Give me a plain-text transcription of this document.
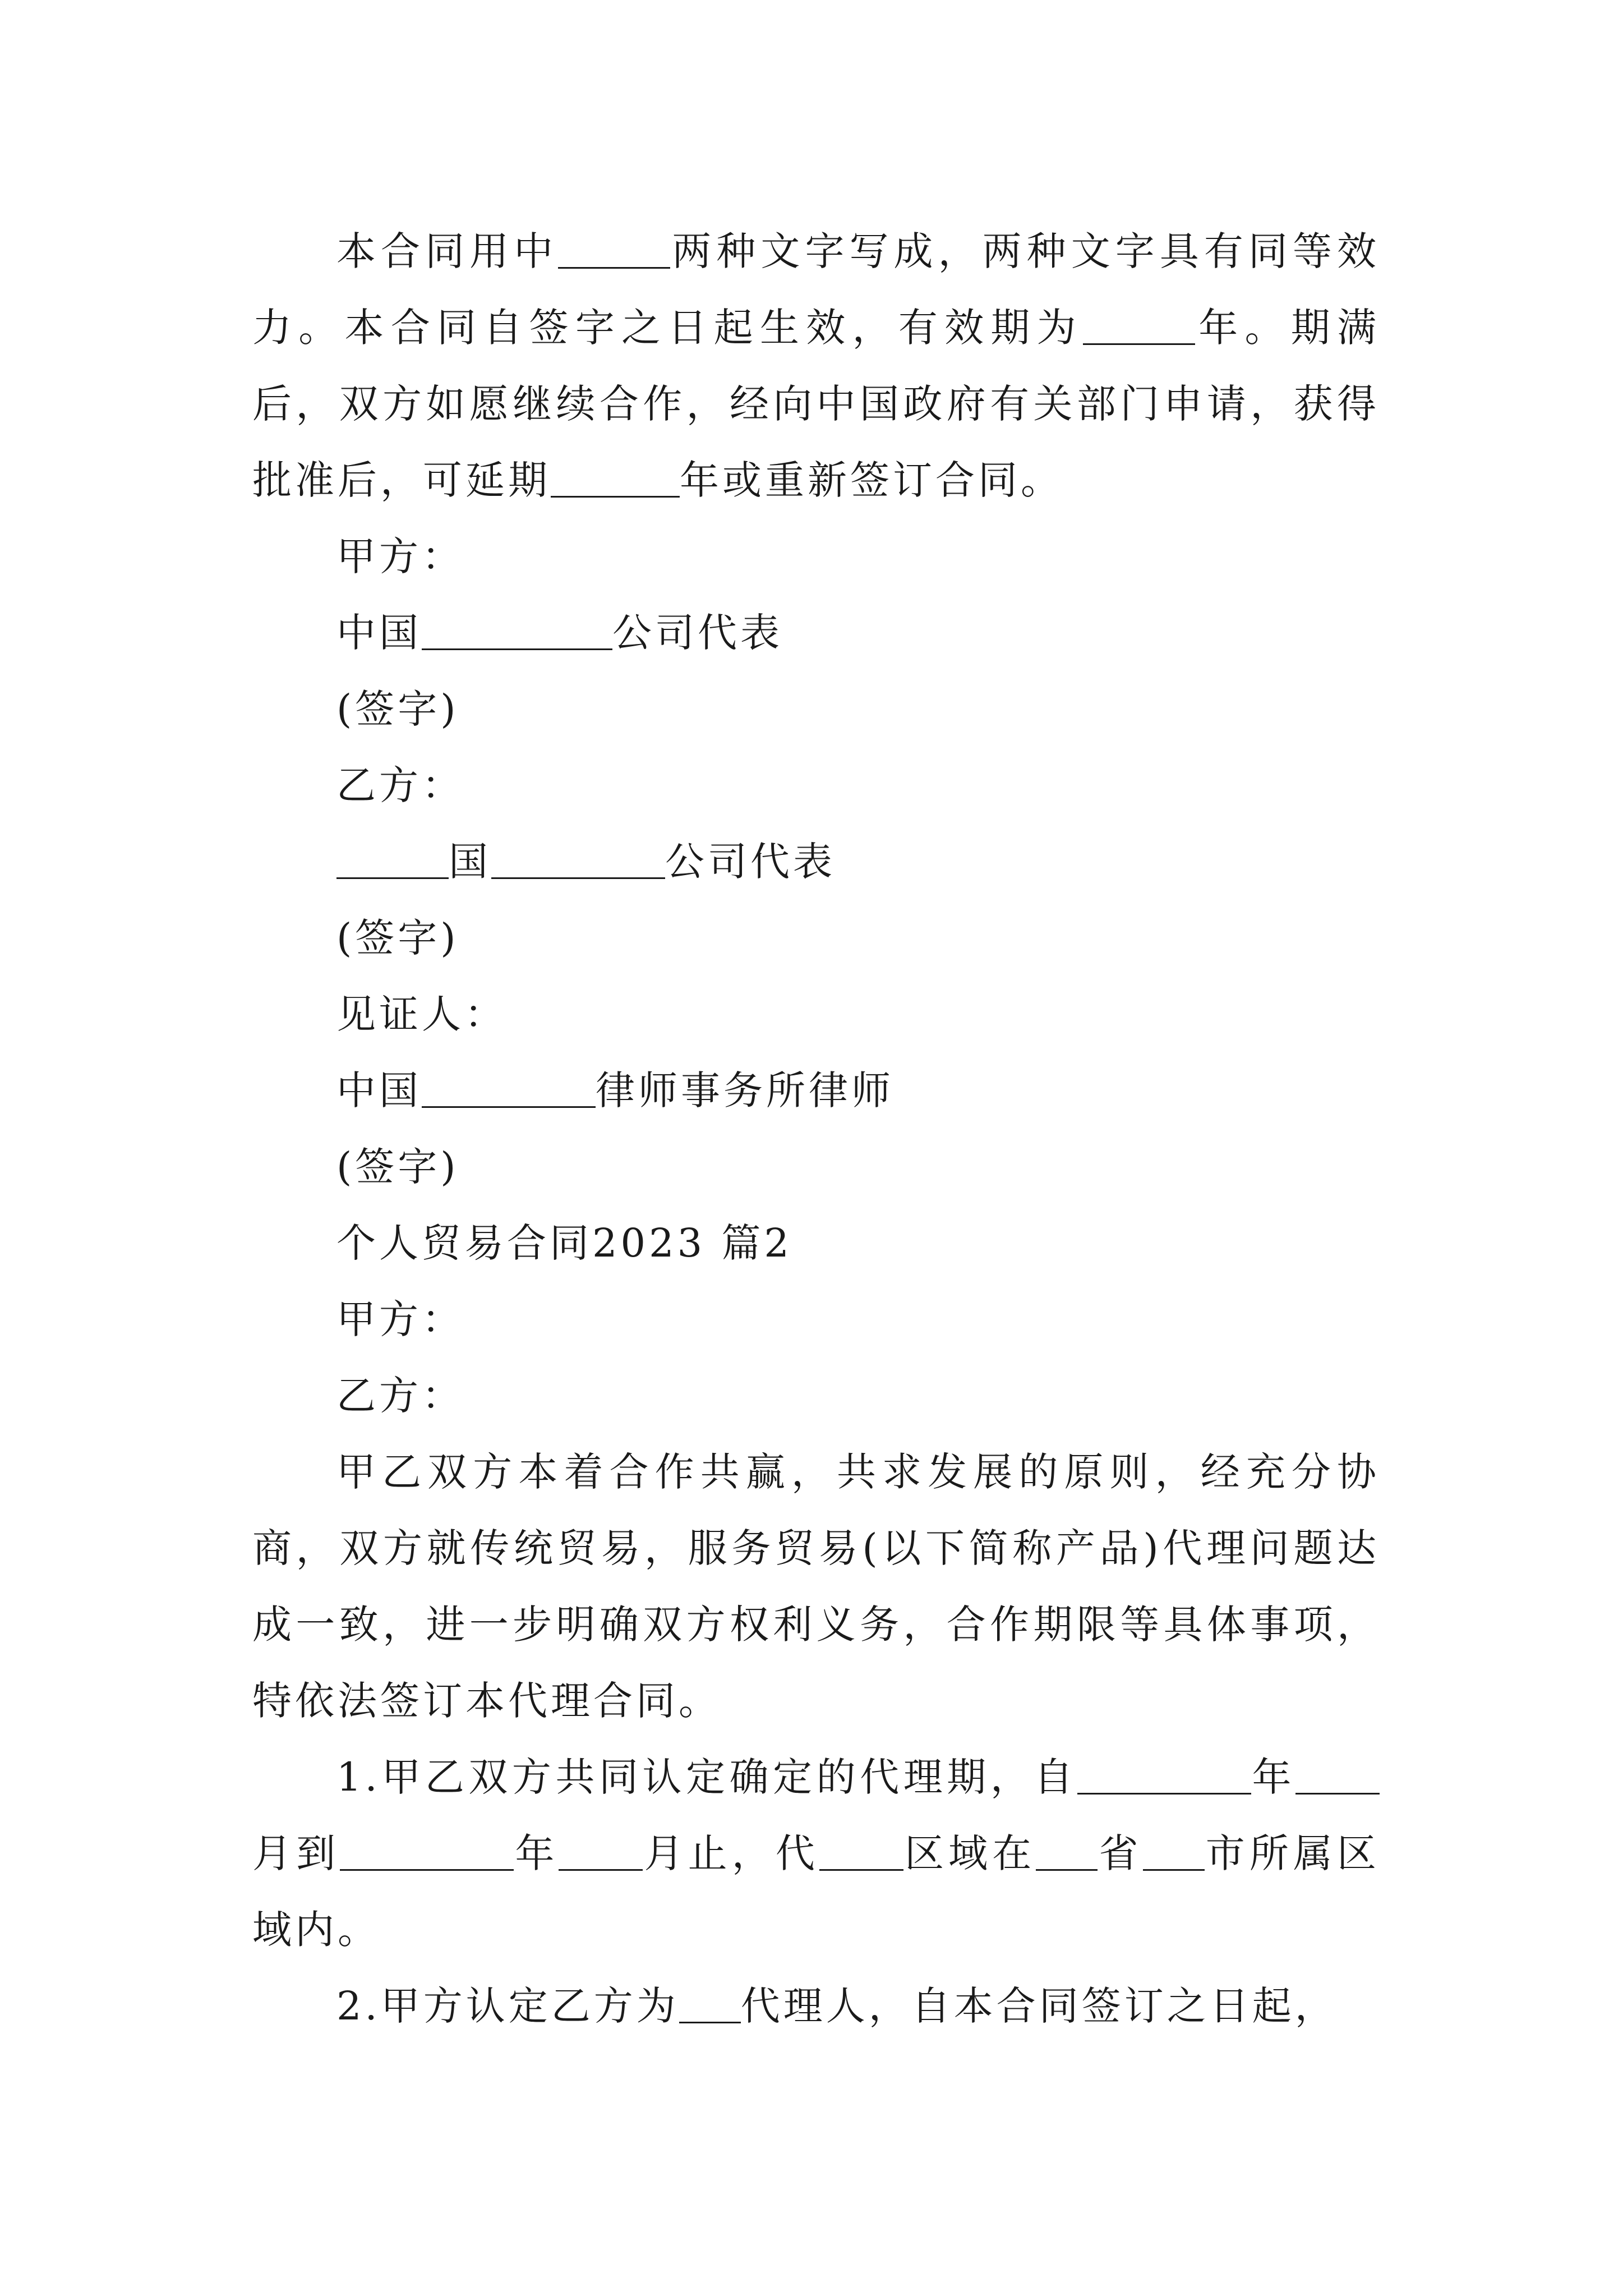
本合同用中	两种文字写成，两种文字具有同等效力。本合同自签字之日起生效，有效期为	年。期满后，双方如愿继续合作，经向中国政府有关部门申请，获得批准后，可延期	年或重新签订合同。

甲方：

中国	公司代表

(签字)

乙方：

国	公司代表

(签字)

见证人：

中国	律师事务所律师

(签字)

个人贸易合同2023 篇2

甲方：

乙方：

甲乙双方本着合作共赢，共求发展的原则，经充分协商，双方就传统贸易，服务贸易(以下简称产品)代理问题达成一致，进一步明确双方权利义务，合作期限等具体事项，特依法签订本代理合同。

1.甲乙双方共同认定确定的代理期，自	年月到	年 月止，代 区域在 省 市所属区域内。

2.甲方认定乙方为 代理人，自本合同签订之日起，
